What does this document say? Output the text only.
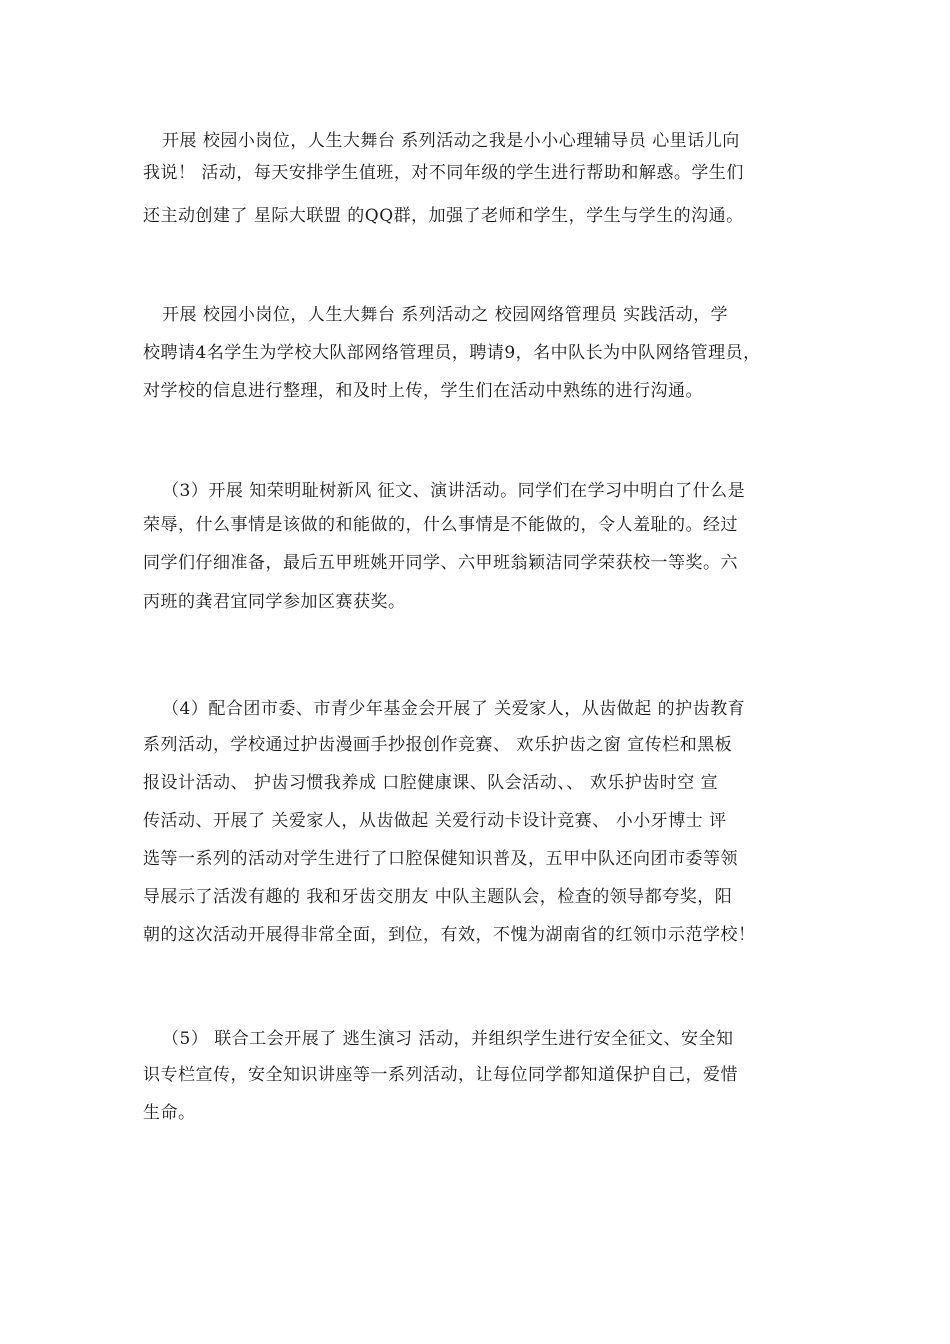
开展 校园小岗位，人生大舞台 系列活动之我是小小心理辅导员 心里话儿向
我说！ 活动，每天安排学生值班，对不同年级的学生进行帮助和解惑。学生们
还主动创建了 星际大联盟 的QQ群，加强了老师和学生，学生与学生的沟通。
开展 校园小岗位，人生大舞台 系列活动之 校园网络管理员 实践活动，学
校聘请4名学生为学校大队部网络管理员，聘请9，名中队长为中队网络管理员，
对学校的信息进行整理，和及时上传，学生们在活动中熟练的进行沟通。
（3）开展 知荣明耻树新风 征文、演讲活动。同学们在学习中明白了什么是
荣辱，什么事情是该做的和能做的，什么事情是不能做的，令人羞耻的。经过
同学们仔细准备，最后五甲班姚开同学、六甲班翁颖洁同学荣获校一等奖。六
丙班的龚君宜同学参加区赛获奖。
（4）配合团市委、市青少年基金会开展了 关爱家人，从齿做起 的护齿教育
系列活动，学校通过护齿漫画手抄报创作竞赛、 欢乐护齿之窗 宣传栏和黑板
报设计活动、 护齿习惯我养成 口腔健康课、队会活动、、 欢乐护齿时空 宣
传活动、开展了 关爱家人，从齿做起 关爱行动卡设计竞赛、 小小牙博士 评
选等一系列的活动对学生进行了口腔保健知识普及，五甲中队还向团市委等领
导展示了活泼有趣的 我和牙齿交朋友 中队主题队会，检查的领导都夸奖，阳
朝的这次活动开展得非常全面，到位，有效，不愧为湖南省的红领巾示范学校！
（5） 联合工会开展了 逃生演习 活动，并组织学生进行安全征文、安全知
识专栏宣传，安全知识讲座等一系列活动，让每位同学都知道保护自己，爱惜
生命。
